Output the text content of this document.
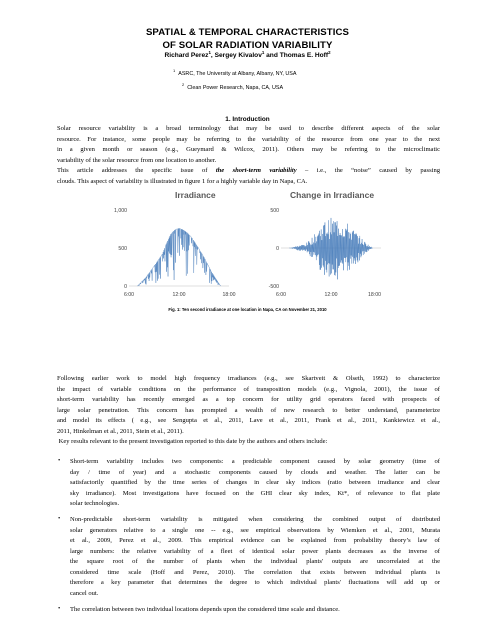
SPATIAL & TEMPORAL CHARACTERISTICS
OF SOLAR RADIATION VARIABILITY
Richard Perez$^1$, Sergey Kivalov$^1$ and Thomas E. Hoff$^2$
$^1$  ASRC, The University at Albany, Albany, NY, USA
$^2$  Clean Power Research, Napa, CA, USA
1. Introduction
Solar resource variability is a broad terminology that may be used to describe different aspects of the solar
resource. For instance, some people may be referring to the variability of the resource from one year to the next
in a given month or season (e.g., Gueymard & Wilcox, 2011). Others may be referring to the microclimatic
variability of the solar resource from one location to another.
This article addresses the specific issue of the short-term variability – i.e., the “noise” caused by passing
clouds. This aspect of variability is illustrated in figure 1 for a highly variable day in Napa, CA.
Irradiance	Change in Irradiance
1,000
500
0
500
0
-500
6:00	12:00	18:00	6:00	12:00	18:00
Fig. 1: Ten second irradiance at one location in Napa, CA on November 21, 2010
Following earlier work to model high frequency irradiances (e.g., see Skartveit & Olseth, 1992) to characterize
the impact of variable conditions on the performance of transposition models (e.g., Vignola, 2001), the issue of
short-term variability has recently emerged as a top concern for utility grid operators faced with prospects of
large solar penetration. This concern has prompted a wealth of new research to better understand, parameterize
and model its effects ( e.g., see Sengupta et al., 2011, Lave et al., 2011, Frank et al., 2011, Kankiewicz et al.,
2011, Hinkelman et al., 2011, Stein et al., 2011).
Key results relevant to the present investigation reported to this date by the authors and others include:
• Short-term variability includes two components: a predictable component caused by solar geometry (time of
day / time of year) and a stochastic components caused by clouds and weather. The latter can be
satisfactorily quantified by the time series of changes in clear sky indices (ratio between irradiance and clear
sky irradiance). Most investigations have focused on the GHI clear sky index, Kt*, of relevance to flat plate
solar technologies.
• Non-predictable short-term variability is mitigated when considering the combined output of distributed
solar generators relative to a single one -- e.g., see empirical observations by Wiemken et al., 2001, Murata
et al., 2009, Perez et al., 2009. This empirical evidence can be explained from probability theory’s law of
large numbers: the relative variability of a fleet of identical solar power plants decreases as the inverse of
the square root of the number of plants when the individual plants' outputs are uncorrelated at the
considered time scale (Hoff and Perez, 2010). The correlation that exists between individual plants is
therefore a key parameter that determines the degree to which individual plants' fluctuations will add up or
cancel out.
• The correlation between two individual locations depends upon the considered time scale and distance.
